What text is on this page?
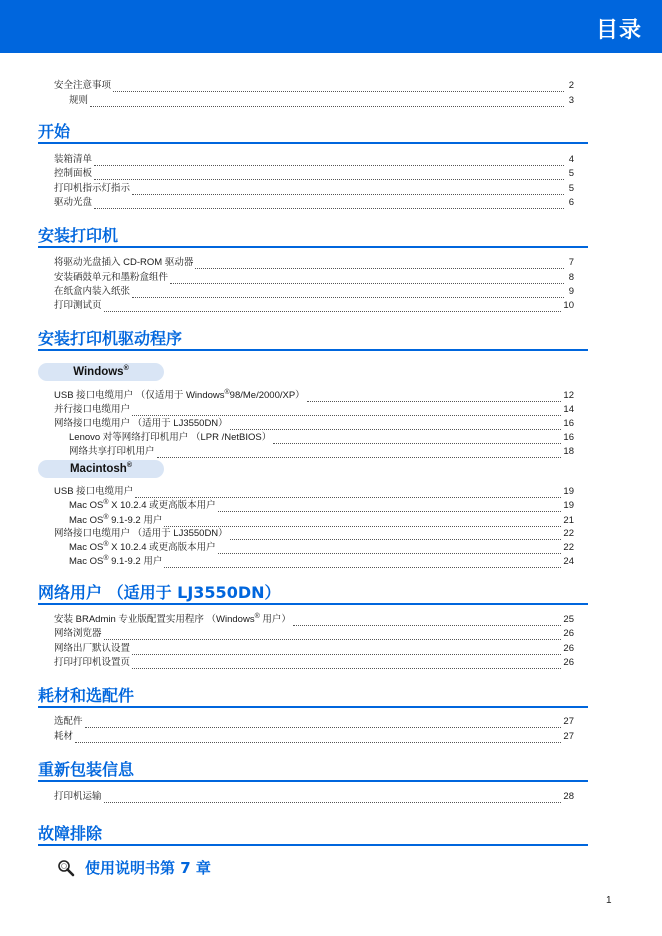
目录
安全注意事项	2
规则	3
开始
装箱清单	4
控制面板	5
打印机指示灯指示	5
驱动光盘	6
安装打印机
将驱动光盘插入 CD-ROM 驱动器	7
安装硒鼓单元和墨粉盒组件	8
在纸盒内装入纸张	9
打印测试页	10
安装打印机驱动程序
Windows®
USB 接口电缆用户 （仅适用于 Windows®98/Me/2000/XP）	12
并行接口电缆用户	14
网络接口电缆用户 （适用于 LJ3550DN）	16
Lenovo 对等网络打印机用户 （LPR /NetBIOS）	16
网络共享打印机用户	18
Macintosh®
USB 接口电缆用户	19
Mac OS® X 10.2.4 或更高版本用户	19
Mac OS® 9.1-9.2 用户	21
网络接口电缆用户 （适用于 LJ3550DN）	22
Mac OS® X 10.2.4 或更高版本用户	22
Mac OS® 9.1-9.2 用户	24
网络用户 （适用于 LJ3550DN）
安装 BRAdmin 专业版配置实用程序 （Windows® 用户）	25
网络浏览器	26
网络出厂默认设置	26
打印打印机设置页	26
耗材和选配件
选配件	27
耗材	27
重新包装信息
打印机运输	28
故障排除
使用说明书第 7 章
1
